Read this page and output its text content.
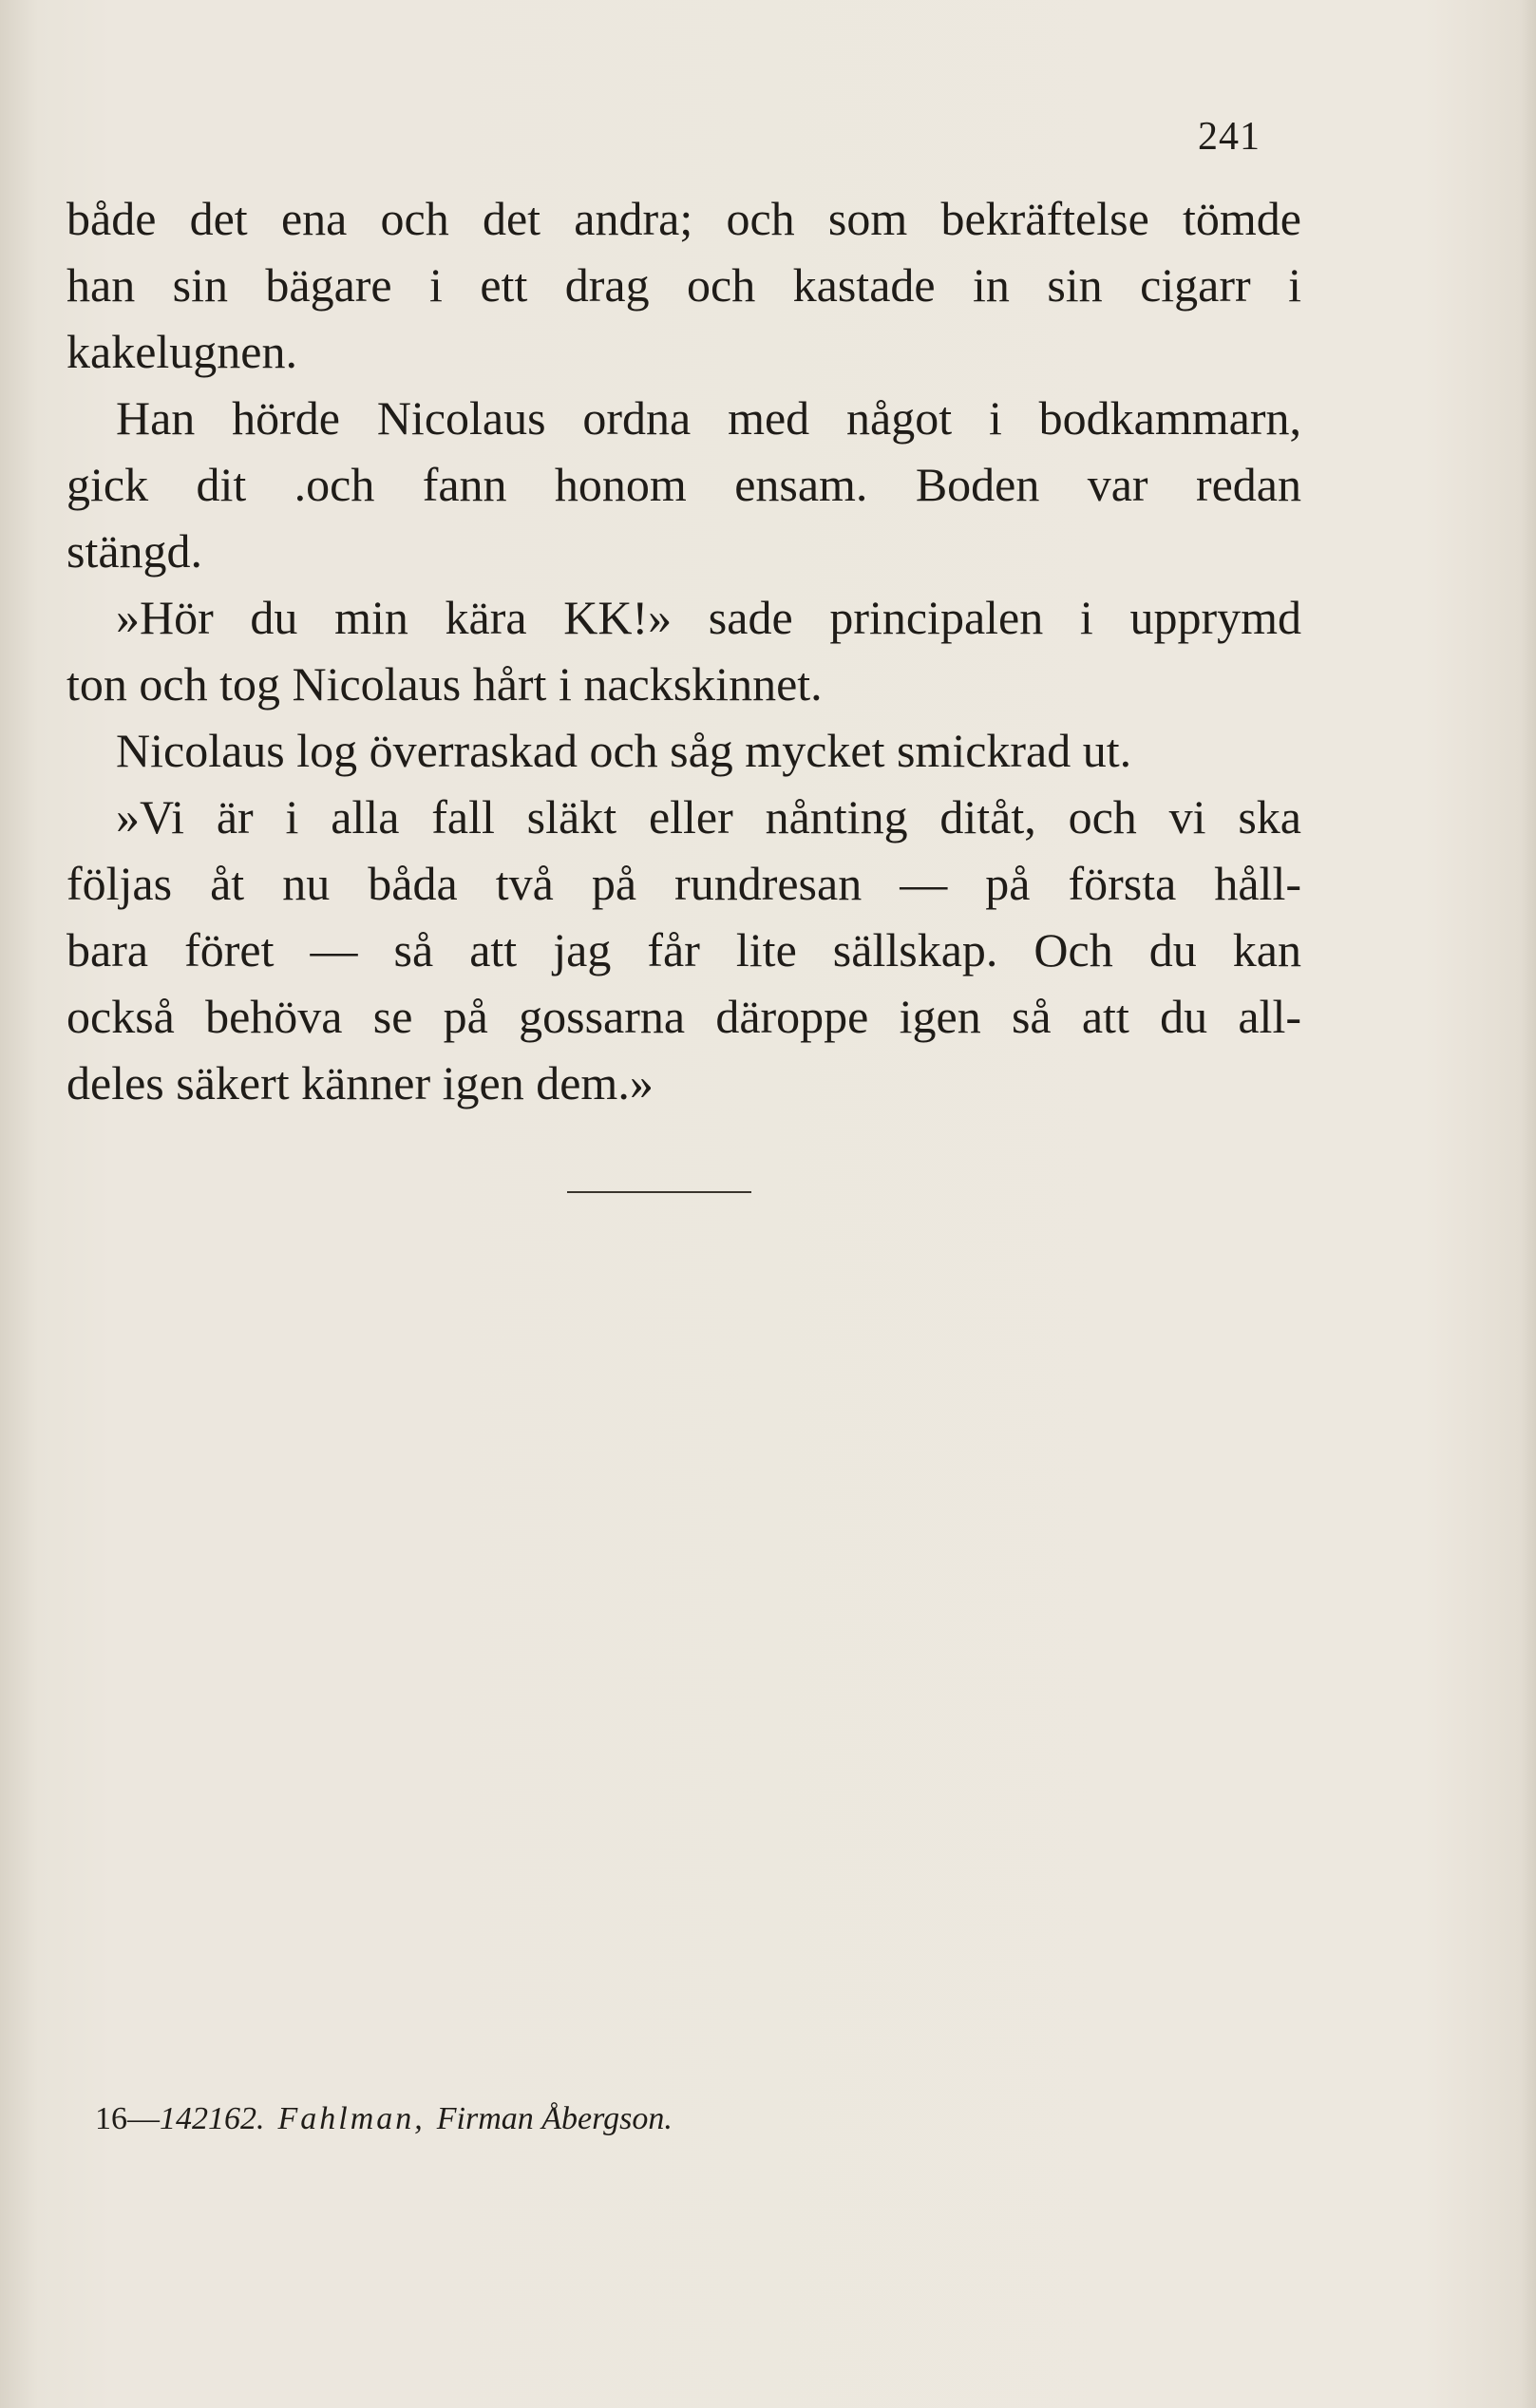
241
både det ena och det andra; och som bekräftelse tömde
han sin bägare i ett drag och kastade in sin cigarr i
kakelugnen.
Han hörde Nicolaus ordna med något i bodkammarn,
gick dit .och fann honom ensam. Boden var redan
stängd.
»Hör du min kära KK!» sade principalen i upprymd
ton och tog Nicolaus hårt i nackskinnet.
Nicolaus log överraskad och såg mycket smickrad ut.
»Vi är i alla fall släkt eller nånting ditåt, och vi ska
följas åt nu båda två på rundresan — på första håll-
bara föret — så att jag får lite sällskap. Och du kan
också behöva se på gossarna däroppe igen så att du all-
deles säkert känner igen dem.»
16—142162. Fahlman, Firman Åbergson.
